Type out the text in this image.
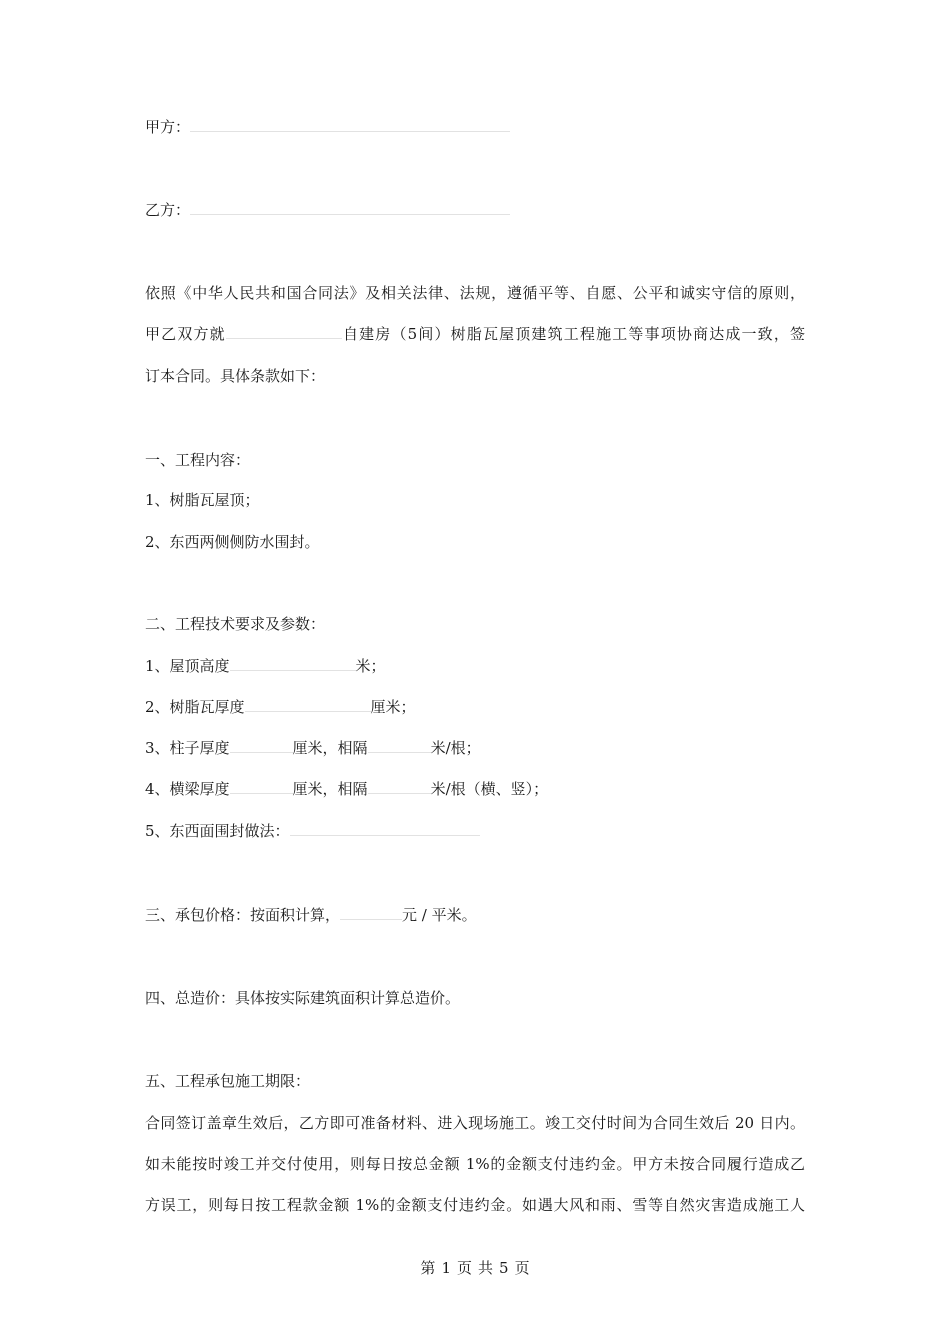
甲方：
乙方：
依照《中华人民共和国合同法》及相关法律、法规，遵循平等、自愿、公平和诚实守信的原则，
甲乙双方就	自建房（5间）树脂瓦屋顶建筑工程施工等事项协商达成一致，签
订本合同。具体条款如下：
一、工程内容：
1、树脂瓦屋顶；
2、东西两侧侧防水围封。
二、工程技术要求及参数：
1、屋顶高度	米；
2、树脂瓦厚度	厘米；
3、柱子厚度	厘米，相隔	米/根；
4、横梁厚度	厘米，相隔	米/根（横、竖）；
5、东西面围封做法：
三、承包价格：按面积计算，	元 / 平米。
四、总造价：具体按实际建筑面积计算总造价。
五、工程承包施工期限：
合同签订盖章生效后，乙方即可准备材料、进入现场施工。竣工交付时间为合同生效后 20 日内。
如未能按时竣工并交付使用，则每日按总金额 1%的金额支付违约金。甲方未按合同履行造成乙
方误工，则每日按工程款金额 1%的金额支付违约金。如遇大风和雨、雪等自然灾害造成施工人
第 1 页 共 5 页
